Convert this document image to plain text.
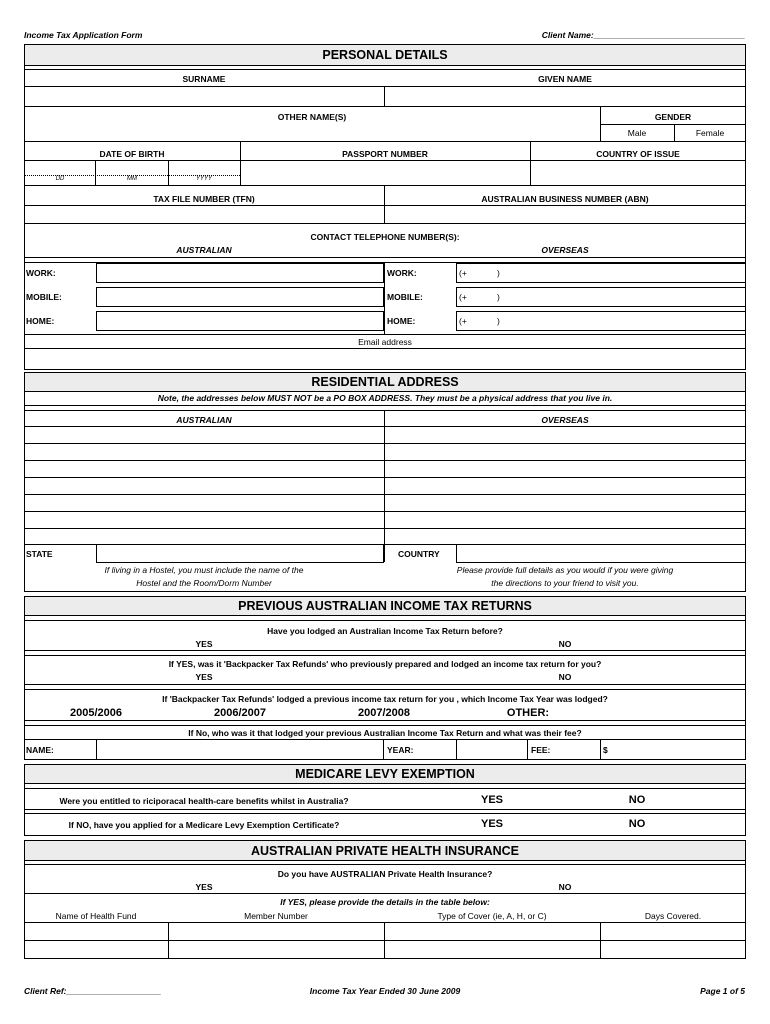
Income Tax Application Form	Client Name:________________________________
PERSONAL DETAILS
SURNAME	GIVEN NAME
OTHER NAME(S)	GENDER
Male	Female
DATE OF BIRTH	PASSPORT NUMBER	COUNTRY OF ISSUE
DD	MM	YYYY
TAX FILE NUMBER (TFN)	AUSTRALIAN BUSINESS NUMBER (ABN)
CONTACT TELEPHONE NUMBER(S):
AUSTRALIAN	OVERSEAS
WORK:	WORK:	(+	)
MOBILE:	MOBILE:	(+	)
HOME:	HOME:	(+	)
Email address
RESIDENTIAL ADDRESS
Note, the addresses below MUST NOT be a PO BOX ADDRESS. They must be a physical address that you live in.
AUSTRALIAN	OVERSEAS
STATE	COUNTRY
If living in a Hostel, you must include the name of the
Hostel and the Room/Dorm Number
Please provide full details as you would if you were giving
the directions to your friend to visit you.
PREVIOUS AUSTRALIAN INCOME TAX RETURNS
Have you lodged an Australian Income Tax Return before?
YES	NO
If YES, was it 'Backpacker Tax Refunds' who previously prepared and lodged an income tax return for you?
YES	NO
If 'Backpacker Tax Refunds' lodged a previous income tax return for you , which Income Tax Year was lodged?
2005/2006	2006/2007	2007/2008	OTHER:
If No, who was it that lodged your previous Australian Income Tax Return and what was their fee?
NAME:	YEAR:	FEE:	$
MEDICARE LEVY EXEMPTION
Were you entitled to riciporacal health-care benefits whilst in Australia?	YES	NO
If NO, have you applied for a Medicare Levy Exemption Certificate?	YES	NO
AUSTRALIAN PRIVATE HEALTH INSURANCE
Do you have AUSTRALIAN Private Health Insurance?
YES	NO
If YES, please provide the details in the table below:
Name of Health Fund	Member Number	Type of Cover (ie, A, H, or C)	Days Covered.
Client Ref:____________________	Income Tax Year Ended 30 June 2009	Page 1 of 5
